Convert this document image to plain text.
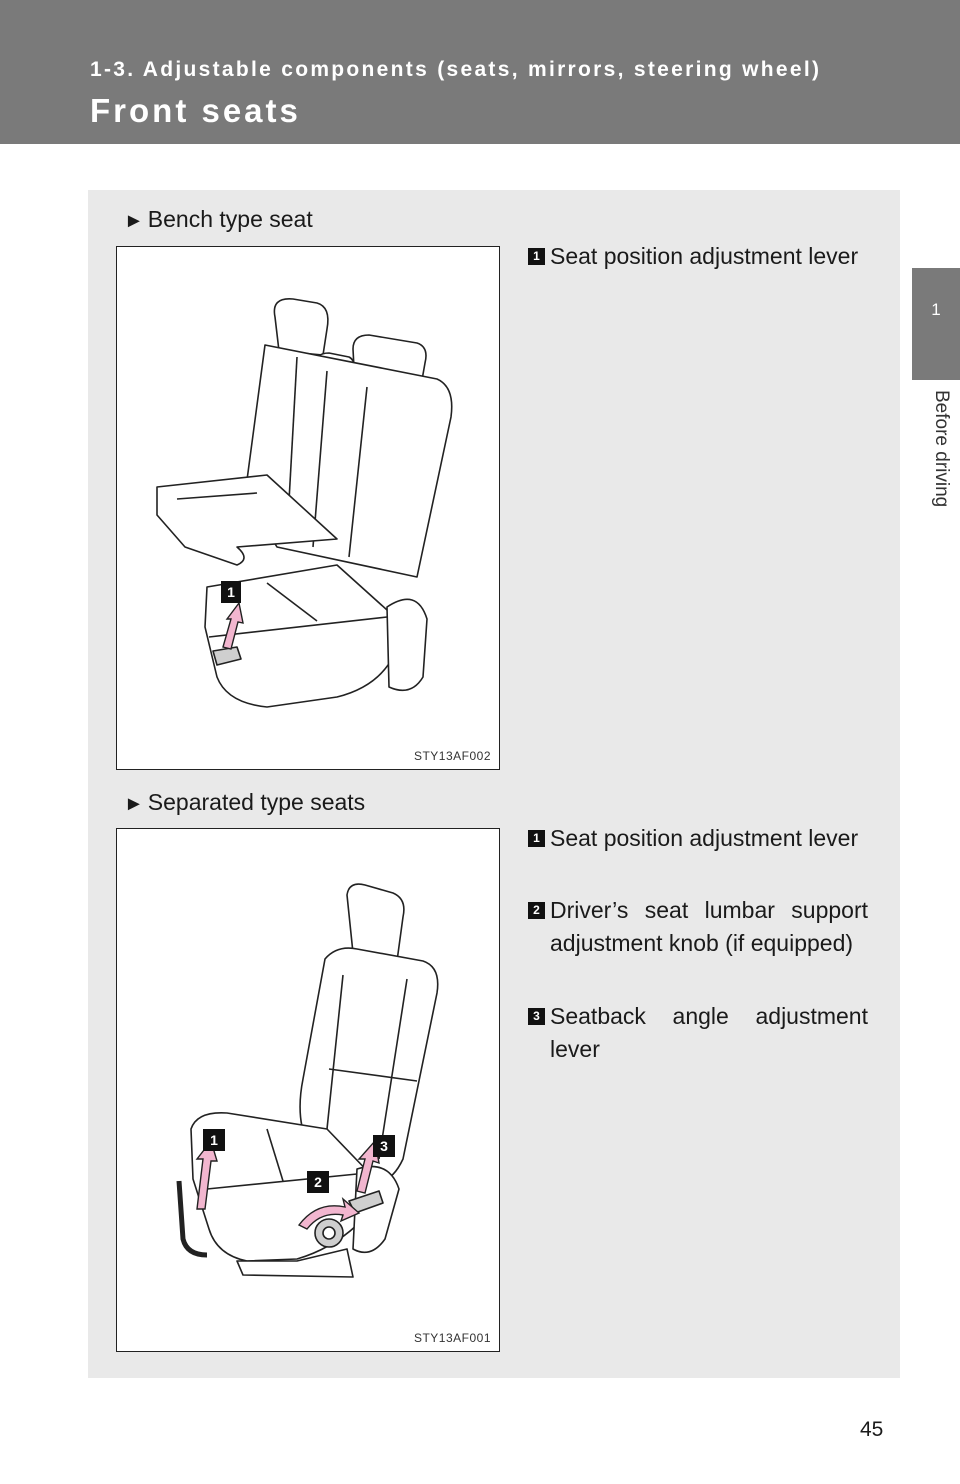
1-3. Adjustable components (seats, mirrors, steering wheel)
Front seats
1
Before driving
► Bench type seat
1
STY13AF002
1 Seat position adjustment lever
► Separated type seats
1
2
3
STY13AF001
1 Seat position adjustment lever
2 Driver’s seat lumbar support adjustment knob (if equipped)
3 Seatback angle adjustment lever
45
